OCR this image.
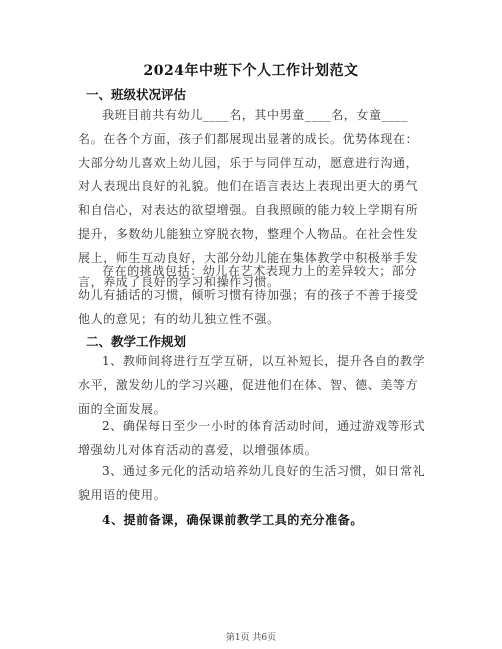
2024年中班下个人工作计划范文
一、班级状况评估
我班目前共有幼儿____名，其中男童____名，女童____名。在各个方面，孩子们都展现出显著的成长。优势体现在：大部分幼儿喜欢上幼儿园，乐于与同伴互动，愿意进行沟通，对人表现出良好的礼貌。他们在语言表达上表现出更大的勇气和自信心，对表达的欲望增强。自我照顾的能力较上学期有所提升，多数幼儿能独立穿脱衣物，整理个人物品。在社会性发展上，师生互动良好，大部分幼儿能在集体教学中积极举手发言，养成了良好的学习和操作习惯。
存在的挑战包括：幼儿在艺术表现力上的差异较大；部分幼儿有插话的习惯，倾听习惯有待加强；有的孩子不善于接受他人的意见；有的幼儿独立性不强。
二、教学工作规划
1、教师间将进行互学互研，以互补短长，提升各自的教学水平，激发幼儿的学习兴趣，促进他们在体、智、德、美等方面的全面发展。
2、确保每日至少一小时的体育活动时间，通过游戏等形式增强幼儿对体育活动的喜爱，以增强体质。
3、通过多元化的活动培养幼儿良好的生活习惯，如日常礼貌用语的使用。
4、提前备课，确保课前教学工具的充分准备。
第1页 共6页
